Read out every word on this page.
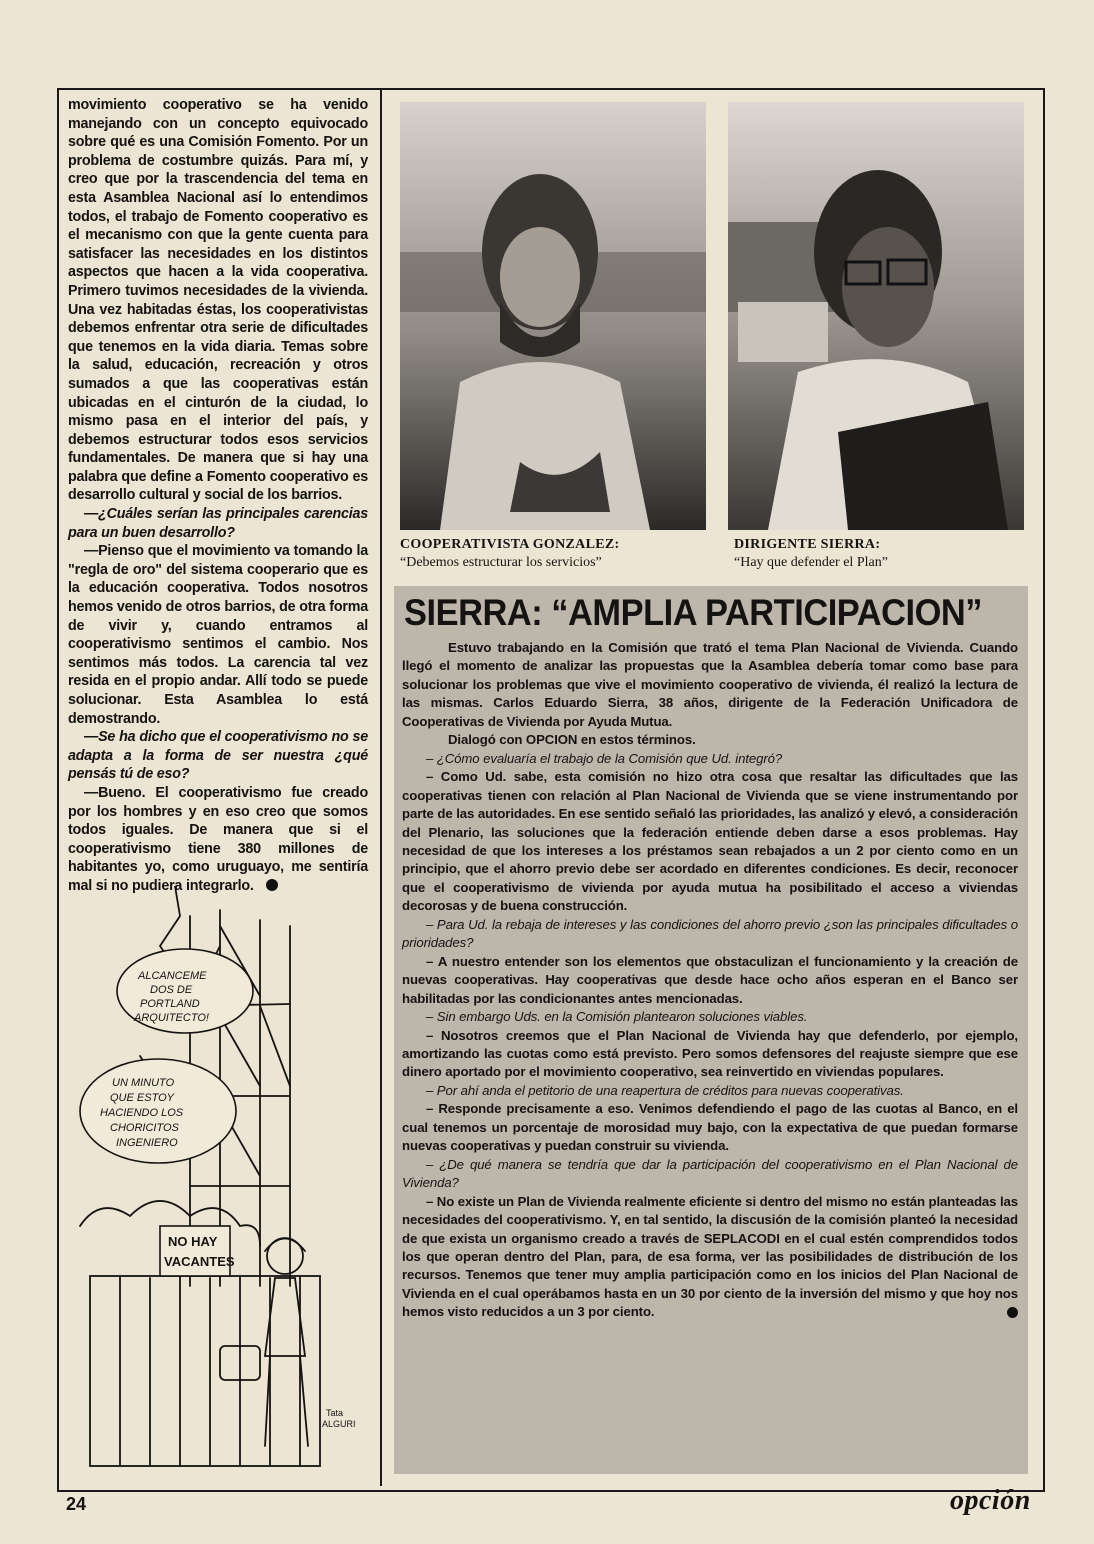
movimiento cooperativo se ha venido manejando con un concepto equivocado sobre qué es una Comisión Fomento. Por un problema de costumbre quizás. Para mí, y creo que por la trascendencia del tema en esta Asamblea Nacional así lo entendimos todos, el trabajo de Fomento cooperativo es el mecanismo con que la gente cuenta para satisfacer las necesidades en los distintos aspectos que hacen a la vida cooperativa. Primero tuvimos necesidades de la vivienda. Una vez habitadas éstas, los cooperativistas debemos enfrentar otra serie de dificultades que tenemos en la vida diaria. Temas sobre la salud, educación, recreación y otros sumados a que las cooperativas están ubicadas en el cinturón de la ciudad, lo mismo pasa en el interior del país, y debemos estructurar todos esos servicios fundamentales. De manera que si hay una palabra que define a Fomento cooperativo es desarrollo cultural y social de los barrios.

—¿Cuáles serían las principales carencias para un buen desarrollo?

—Pienso que el movimiento va tomando la "regla de oro" del sistema cooperario que es la educación cooperativa. Todos nosotros hemos venido de otros barrios, de otra forma de vivir y, cuando entramos al cooperativismo sentimos el cambio. Nos sentimos más todos. La carencia tal vez resida en el propio andar. Allí todo se puede solucionar. Esta Asamblea lo está demostrando.

—Se ha dicho que el cooperativismo no se adapta a la forma de ser nuestra ¿qué pensás tú de eso?

—Bueno. El cooperativismo fue creado por los hombres y en eso creo que somos todos iguales. De manera que si el cooperativismo tiene 380 millones de habitantes yo, como uruguayo, me sentiría mal si no pudiera integrarlo.

ALCANCEME
DOS DE
PORTLAND
ARQUITECTO!
UN MINUTO
QUE ESTOY
HACIENDO LOS
CHORICITOS
INGENIERO
NO HAY
VACANTES
Tata
ALGURI
COOPERATIVISTA GONZALEZ:
“Debemos estructurar los servicios”
DIRIGENTE SIERRA:
“Hay que defender el Plan”
SIERRA: “AMPLIA PARTICIPACION”

Estuvo trabajando en la Comisión que trató el tema Plan Nacional de Vivienda. Cuando llegó el momento de analizar las propuestas que la Asamblea debería tomar como base para solucionar los problemas que vive el movimiento cooperativo de vivienda, él realizó la lectura de las mismas. Carlos Eduardo Sierra, 38 años, dirigente de la Federación Unificadora de Cooperativas de Vivienda por Ayuda Mutua.

Dialogó con OPCION en estos términos.

– ¿Cómo evaluaría el trabajo de la Comisión que Ud. integró?

– Como Ud. sabe, esta comisión no hizo otra cosa que resaltar las dificultades que las cooperativas tienen con relación al Plan Nacional de Vivienda que se viene instrumentando por parte de las autoridades. En ese sentido señaló las prioridades, las analizó y elevó, a consideración del Plenario, las soluciones que la federación entiende deben darse a esos problemas. Hay necesidad de que los intereses a los préstamos sean rebajados a un 2 por ciento como en un principio, que el ahorro previo debe ser acordado en diferentes condiciones. Es decir, reconocer que el cooperativismo de vivienda por ayuda mutua ha posibilitado el acceso a viviendas decorosas y de buena construcción.

– Para Ud. la rebaja de intereses y las condiciones del ahorro previo ¿son las principales dificultades o prioridades?

– A nuestro entender son los elementos que obstaculizan el funcionamiento y la creación de nuevas cooperativas. Hay cooperativas que desde hace ocho años esperan en el Banco ser habilitadas por las condicionantes antes mencionadas.

– Sin embargo Uds. en la Comisión plantearon soluciones viables.

– Nosotros creemos que el Plan Nacional de Vivienda hay que defenderlo, por ejemplo, amortizando las cuotas como está previsto. Pero somos defensores del reajuste siempre que ese dinero aportado por el movimiento cooperativo, sea reinvertido en viviendas populares.

– Por ahí anda el petitorio de una reapertura de créditos para nuevas cooperativas.

– Responde precisamente a eso. Venimos defendiendo el pago de las cuotas al Banco, en el cual tenemos un porcentaje de morosidad muy bajo, con la expectativa de que puedan formarse nuevas cooperativas y puedan construir su vivienda.

– ¿De qué manera se tendría que dar la participación del cooperativismo en el Plan Nacional de Vivienda?

– No existe un Plan de Vivienda realmente eficiente si dentro del mismo no están planteadas las necesidades del cooperativismo. Y, en tal sentido, la discusión de la comisión planteó la necesidad de que exista un organismo creado a través de SEPLACODI en el cual estén comprendidos todos los que operan dentro del Plan, para, de esa forma, ver las posibilidades de distribución de los recursos. Tenemos que tener muy amplia participación como en los inicios del Plan Nacional de Vivienda en el cual operábamos hasta en un 30 por ciento de la inversión del mismo y que hoy nos hemos visto reducidos a un 3 por ciento.

24	opción
